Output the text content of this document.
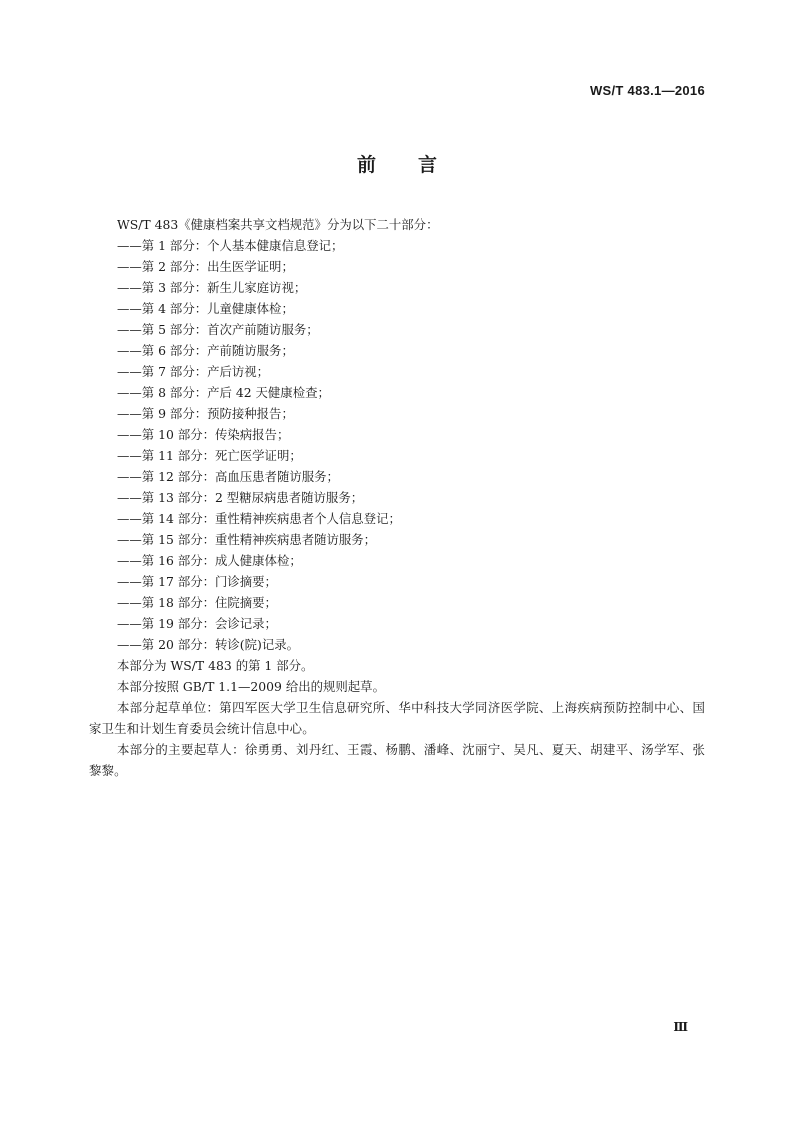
WS/T 483.1—2016
前言

WS/T 483《健康档案共享文档规范》分为以下二十部分：

——第 1 部分：个人基本健康信息登记；

——第 2 部分：出生医学证明；

——第 3 部分：新生儿家庭访视；

——第 4 部分：儿童健康体检；

——第 5 部分：首次产前随访服务；

——第 6 部分：产前随访服务；

——第 7 部分：产后访视；

——第 8 部分：产后 42 天健康检查；

——第 9 部分：预防接种报告；

——第 10 部分：传染病报告；

——第 11 部分：死亡医学证明；

——第 12 部分：高血压患者随访服务；

——第 13 部分：2 型糖尿病患者随访服务；

——第 14 部分：重性精神疾病患者个人信息登记；

——第 15 部分：重性精神疾病患者随访服务；

——第 16 部分：成人健康体检；

——第 17 部分：门诊摘要；

——第 18 部分：住院摘要；

——第 19 部分：会诊记录；

——第 20 部分：转诊(院)记录。

本部分为 WS/T 483 的第 1 部分。

本部分按照 GB/T 1.1—2009 给出的规则起草。

本部分起草单位：第四军医大学卫生信息研究所、华中科技大学同济医学院、上海疾病预防控制中心、国家卫生和计划生育委员会统计信息中心。

本部分的主要起草人：徐勇勇、刘丹红、王霞、杨鹏、潘峰、沈丽宁、吴凡、夏天、胡建平、汤学军、张黎黎。

Ⅲ
